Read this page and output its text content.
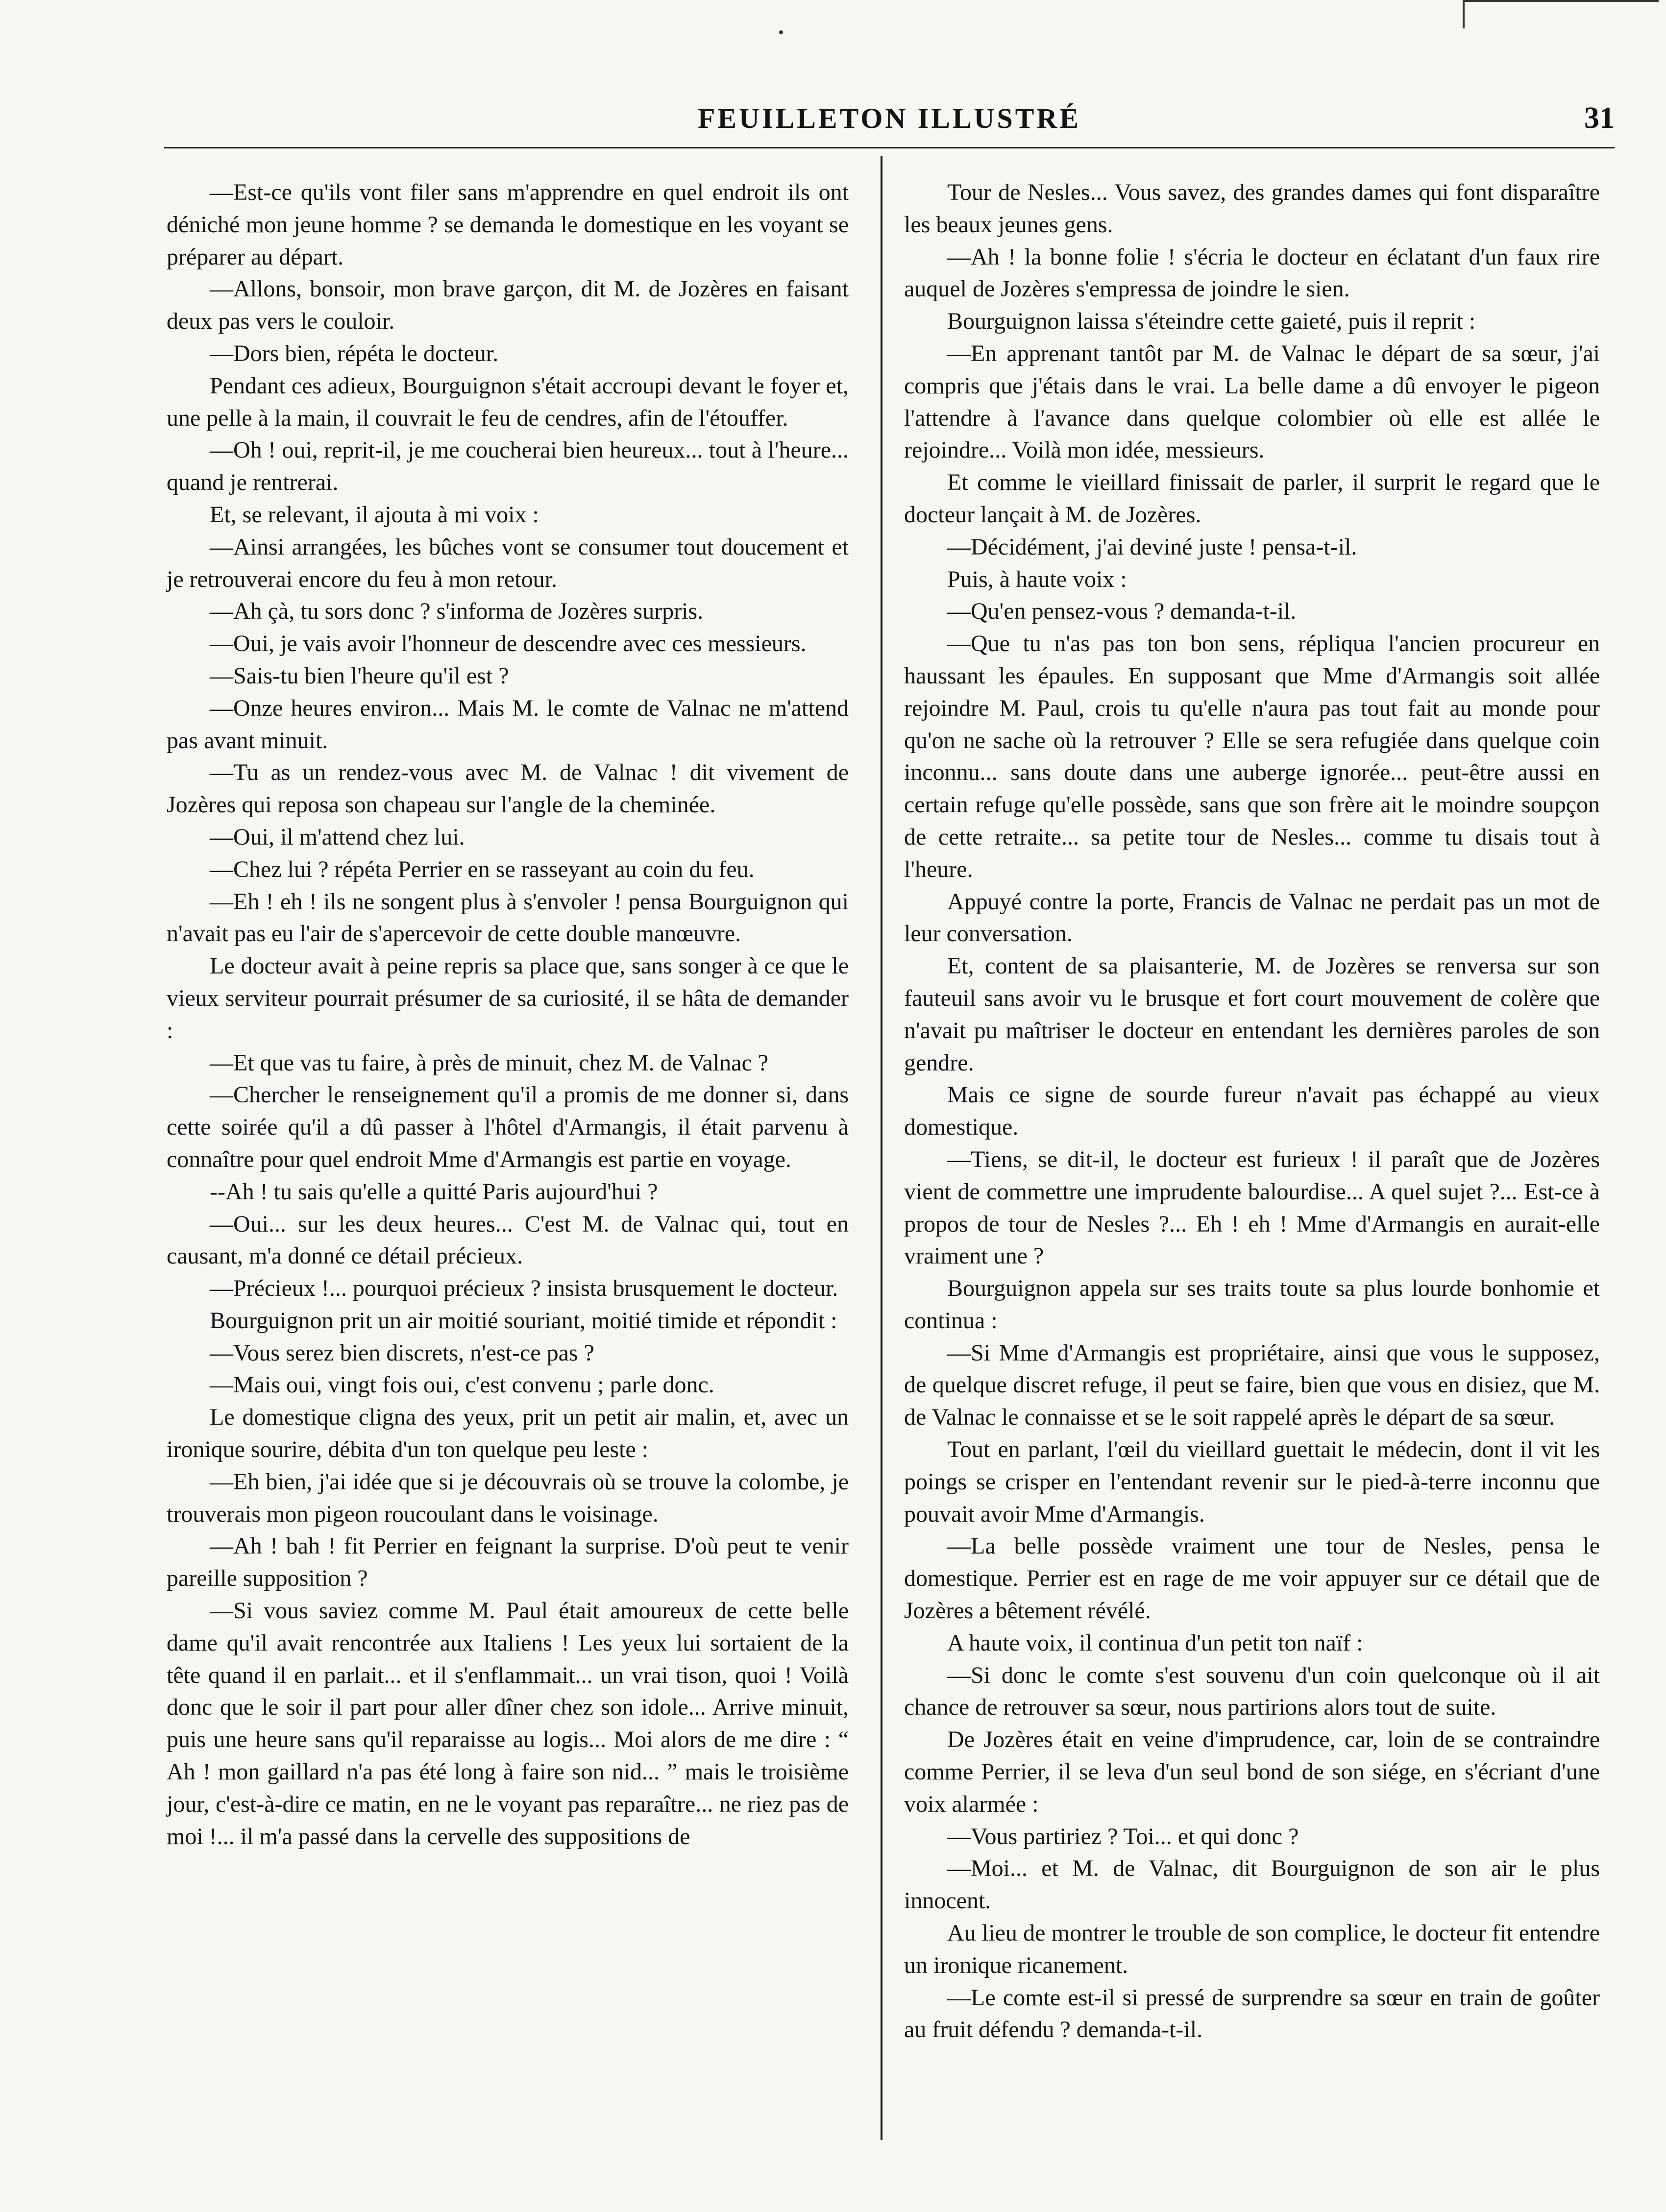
FEUILLETON ILLUSTRÉ	31

—Est-ce qu'ils vont filer sans m'apprendre en quel endroit ils ont déniché mon jeune homme ? se demanda le domestique en les voyant se préparer au départ.

—Allons, bonsoir, mon brave garçon, dit M. de Jozères en faisant deux pas vers le couloir.

—Dors bien, répéta le docteur.

Pendant ces adieux, Bourguignon s'était accroupi devant le foyer et, une pelle à la main, il couvrait le feu de cendres, afin de l'étouffer.

—Oh ! oui, reprit-il, je me coucherai bien heureux... tout à l'heure... quand je rentrerai.

Et, se relevant, il ajouta à mi voix :

—Ainsi arrangées, les bûches vont se consumer tout doucement et je retrouverai encore du feu à mon retour.

—Ah çà, tu sors donc ? s'informa de Jozères surpris.

—Oui, je vais avoir l'honneur de descendre avec ces messieurs.

—Sais-tu bien l'heure qu'il est ?

—Onze heures environ... Mais M. le comte de Valnac ne m'attend pas avant minuit.

—Tu as un rendez-vous avec M. de Valnac ! dit vivement de Jozères qui reposa son chapeau sur l'angle de la cheminée.

—Oui, il m'attend chez lui.

—Chez lui ? répéta Perrier en se rasseyant au coin du feu.

—Eh ! eh ! ils ne songent plus à s'envoler ! pensa Bourguignon qui n'avait pas eu l'air de s'apercevoir de cette double manœuvre.

Le docteur avait à peine repris sa place que, sans songer à ce que le vieux serviteur pourrait présumer de sa curiosité, il se hâta de demander :

—Et que vas tu faire, à près de minuit, chez M. de Valnac ?

—Chercher le renseignement qu'il a promis de me donner si, dans cette soirée qu'il a dû passer à l'hôtel d'Armangis, il était parvenu à connaître pour quel endroit Mme d'Armangis est partie en voyage.

--Ah ! tu sais qu'elle a quitté Paris aujourd'hui ?

—Oui... sur les deux heures... C'est M. de Valnac qui, tout en causant, m'a donné ce détail précieux.

—Précieux !... pourquoi précieux ? insista brusquement le docteur.

Bourguignon prit un air moitié souriant, moitié timide et répondit :

—Vous serez bien discrets, n'est-ce pas ?

—Mais oui, vingt fois oui, c'est convenu ; parle donc.

Le domestique cligna des yeux, prit un petit air malin, et, avec un ironique sourire, débita d'un ton quelque peu leste :

—Eh bien, j'ai idée que si je découvrais où se trouve la colombe, je trouverais mon pigeon roucoulant dans le voisinage.

—Ah ! bah ! fit Perrier en feignant la surprise. D'où peut te venir pareille supposition ?

—Si vous saviez comme M. Paul était amoureux de cette belle dame qu'il avait rencontrée aux Italiens ! Les yeux lui sortaient de la tête quand il en parlait... et il s'enflammait... un vrai tison, quoi ! Voilà donc que le soir il part pour aller dîner chez son idole... Arrive minuit, puis une heure sans qu'il reparaisse au logis... Moi alors de me dire : “ Ah ! mon gaillard n'a pas été long à faire son nid... ” mais le troisième jour, c'est-à-dire ce matin, en ne le voyant pas reparaître... ne riez pas de moi !... il m'a passé dans la cervelle des suppositions de

Tour de Nesles... Vous savez, des grandes dames qui font disparaître les beaux jeunes gens.

—Ah ! la bonne folie ! s'écria le docteur en éclatant d'un faux rire auquel de Jozères s'empressa de joindre le sien.

Bourguignon laissa s'éteindre cette gaieté, puis il reprit :

—En apprenant tantôt par M. de Valnac le départ de sa sœur, j'ai compris que j'étais dans le vrai. La belle dame a dû envoyer le pigeon l'attendre à l'avance dans quelque colombier où elle est allée le rejoindre... Voilà mon idée, messieurs.

Et comme le vieillard finissait de parler, il surprit le regard que le docteur lançait à M. de Jozères.

—Décidément, j'ai deviné juste ! pensa-t-il.

Puis, à haute voix :

—Qu'en pensez-vous ? demanda-t-il.

—Que tu n'as pas ton bon sens, répliqua l'ancien procureur en haussant les épaules. En supposant que Mme d'Armangis soit allée rejoindre M. Paul, crois tu qu'elle n'aura pas tout fait au monde pour qu'on ne sache où la retrouver ? Elle se sera refugiée dans quelque coin inconnu... sans doute dans une auberge ignorée... peut-être aussi en certain refuge qu'elle possède, sans que son frère ait le moindre soupçon de cette retraite... sa petite tour de Nesles... comme tu disais tout à l'heure.

Appuyé contre la porte, Francis de Valnac ne perdait pas un mot de leur conversation.

Et, content de sa plaisanterie, M. de Jozères se renversa sur son fauteuil sans avoir vu le brusque et fort court mouvement de colère que n'avait pu maîtriser le docteur en entendant les dernières paroles de son gendre.

Mais ce signe de sourde fureur n'avait pas échappé au vieux domestique.

—Tiens, se dit-il, le docteur est furieux ! il paraît que de Jozères vient de commettre une imprudente balourdise... A quel sujet ?... Est-ce à propos de tour de Nesles ?... Eh ! eh ! Mme d'Armangis en aurait-elle vraiment une ?

Bourguignon appela sur ses traits toute sa plus lourde bonhomie et continua :

—Si Mme d'Armangis est propriétaire, ainsi que vous le supposez, de quelque discret refuge, il peut se faire, bien que vous en disiez, que M. de Valnac le connaisse et se le soit rappelé après le départ de sa sœur.

Tout en parlant, l'œil du vieillard guettait le médecin, dont il vit les poings se crisper en l'entendant revenir sur le pied-à-terre inconnu que pouvait avoir Mme d'Armangis.

—La belle possède vraiment une tour de Nesles, pensa le domestique. Perrier est en rage de me voir appuyer sur ce détail que de Jozères a bêtement révélé.

A haute voix, il continua d'un petit ton naïf :

—Si donc le comte s'est souvenu d'un coin quelconque où il ait chance de retrouver sa sœur, nous partirions alors tout de suite.

De Jozères était en veine d'imprudence, car, loin de se contraindre comme Perrier, il se leva d'un seul bond de son siége, en s'écriant d'une voix alarmée :

—Vous partiriez ? Toi... et qui donc ?

—Moi... et M. de Valnac, dit Bourguignon de son air le plus innocent.

Au lieu de montrer le trouble de son complice, le docteur fit entendre un ironique ricanement.

—Le comte est-il si pressé de surprendre sa sœur en train de goûter au fruit défendu ? demanda-t-il.
